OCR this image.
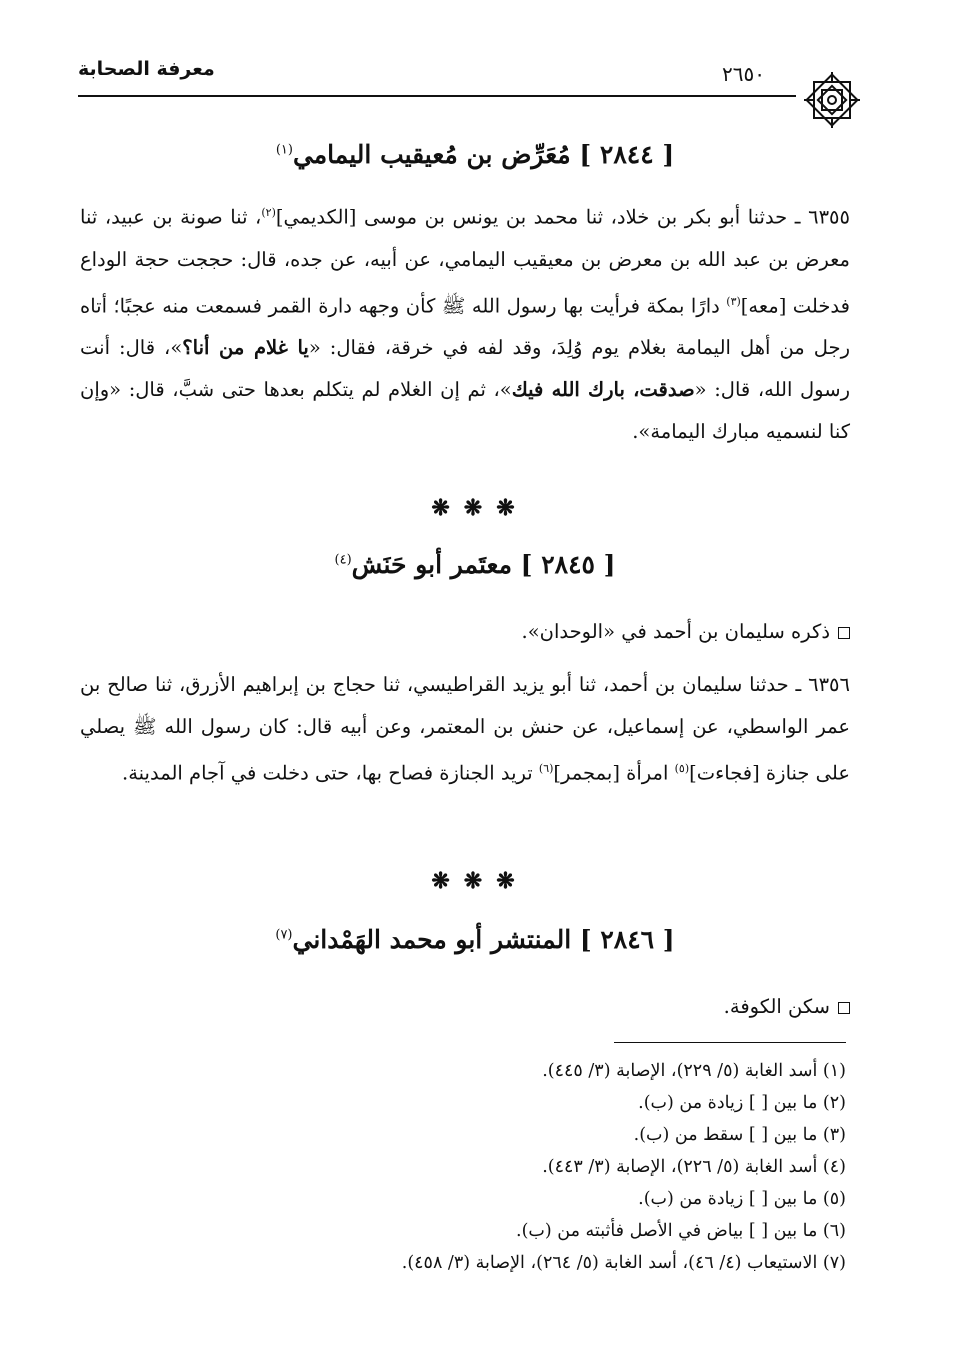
معرفة الصحابة	٢٦٥٠
[ ٢٨٤٤ ] مُعَرِّض بن مُعيقيب اليمامي$^{(١)}$
٦٣٥٥ ـ حدثنا أبو بكر بن خلاد، ثنا محمد بن يونس بن موسى [الكديمي]$^{(٢)}$، ثنا صونة بن عبيد، ثنا معرض بن عبد الله بن معرض بن معيقيب اليمامي، عن أبيه، عن جده، قال: حججت حجة الوداع فدخلت [معه]$^{(٣)}$ دارًا بمكة فرأيت بها رسول الله ﷺ كأن وجهه دارة القمر فسمعت منه عجبًا؛ أتاه رجل من أهل اليمامة بغلام يوم وُلِدَ، وقد لفه في خرقة، فقال: «يا غلام من أنا؟»، قال: أنت رسول الله، قال: «صدقت، بارك الله فيك»، ثم إن الغلام لم يتكلم بعدها حتى شبَّ، قال: «وإن كنا لنسميه مبارك اليمامة».
❋❋❋
[ ٢٨٤٥ ] معتَمر أبو حَنَش$^{(٤)}$
ذكره سليمان بن أحمد في «الوحدان».
٦٣٥٦ ـ حدثنا سليمان بن أحمد، ثنا أبو يزيد القراطيسي، ثنا حجاج بن إبراهيم الأزرق، ثنا صالح بن عمر الواسطي، عن إسماعيل، عن حنش بن المعتمر، وعن أبيه قال: كان رسول الله ﷺ يصلي على جنازة [فجاءت]$^{(٥)}$ امرأة [بمجمر]$^{(٦)}$ تريد الجنازة فصاح بها، حتى دخلت في آجام المدينة.
❋❋❋
[ ٢٨٤٦ ] المنتشر أبو محمد الهَمْداني$^{(٧)}$
سكن الكوفة.
(١) أسد الغابة (٥/ ٢٢٩)، الإصابة (٣/ ٤٤٥).
(٢) ما بين [ ] زيادة من (ب).
(٣) ما بين [ ] سقط من (ب).
(٤) أسد الغابة (٥/ ٢٢٦)، الإصابة (٣/ ٤٤٣).
(٥) ما بين [ ] زيادة من (ب).
(٦) ما بين [ ] بياض في الأصل فأثبته من (ب).
(٧) الاستيعاب (٤/ ٤٦)، أسد الغابة (٥/ ٢٦٤)، الإصابة (٣/ ٤٥٨).
